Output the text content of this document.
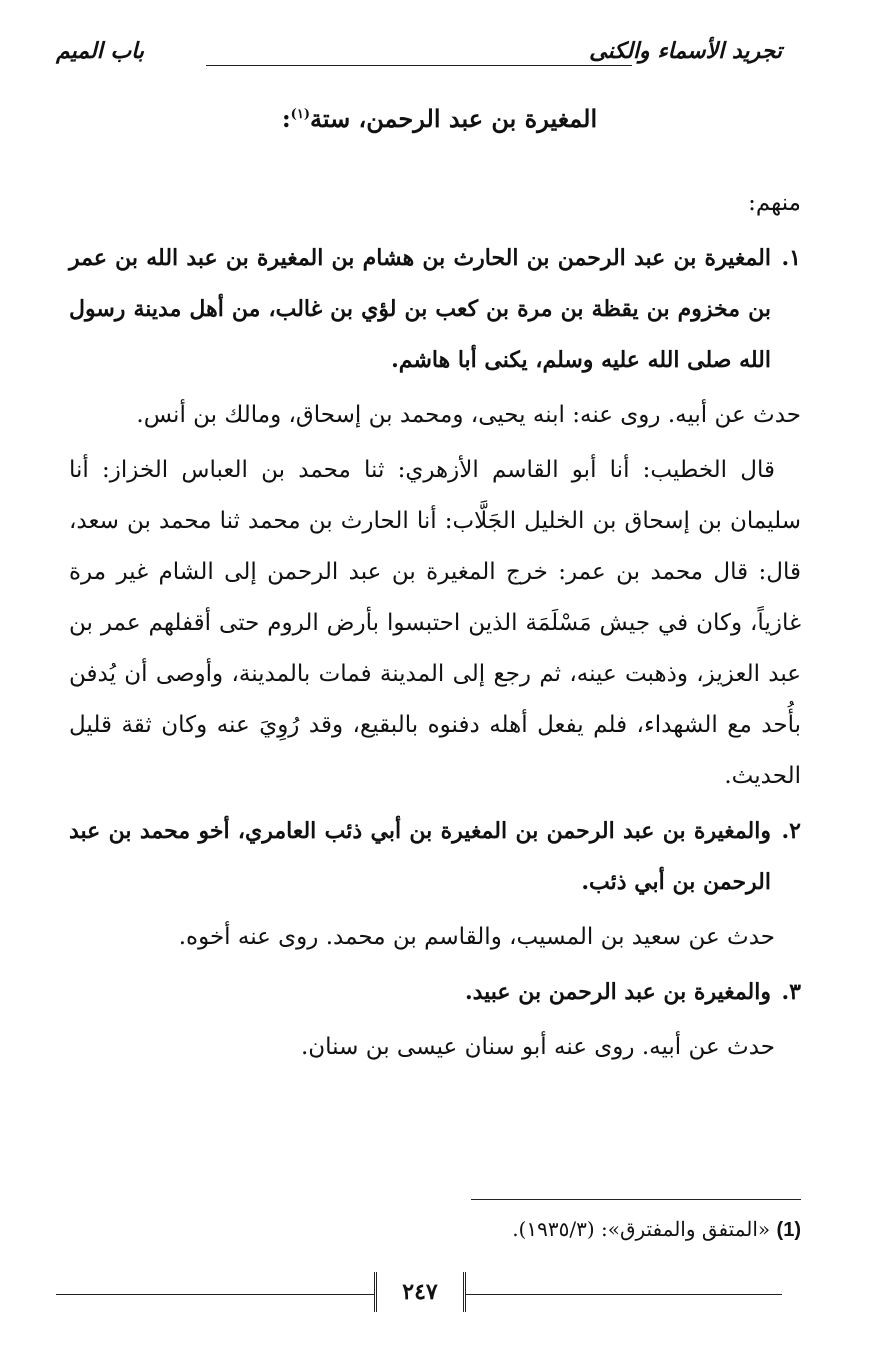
تجريد الأسماء والكنى
باب الميم
المغيرة بن عبد الرحمن، ستة$^{(١)}$:

منهم:

١.المغيرة بن عبد الرحمن بن الحارث بن هشام بن المغيرة بن عبد الله بن عمر بن مخزوم بن يقظة بن مرة بن كعب بن لؤي بن غالب، من أهل مدينة رسول الله صلى الله عليه وسلم، يكنى أبا هاشم.

حدث عن أبيه. روى عنه: ابنه يحيى، ومحمد بن إسحاق، ومالك بن أنس.

قال الخطيب: أنا أبو القاسم الأزهري: ثنا محمد بن العباس الخزاز: أنا سليمان بن إسحاق بن الخليل الجَلَّاب: أنا الحارث بن محمد ثنا محمد بن سعد، قال: قال محمد بن عمر: خرج المغيرة بن عبد الرحمن إلى الشام غير مرة غازياً، وكان في جيش مَسْلَمَة الذين احتبسوا بأرض الروم حتى أقفلهم عمر بن عبد العزيز، وذهبت عينه، ثم رجع إلى المدينة فمات بالمدينة، وأوصى أن يُدفن بأُحد مع الشهداء، فلم يفعل أهله دفنوه بالبقيع، وقد رُوِيَ عنه وكان ثقة قليل الحديث.

٢.والمغيرة بن عبد الرحمن بن المغيرة بن أبي ذئب العامري، أخو محمد بن عبد الرحمن بن أبي ذئب.

حدث عن سعيد بن المسيب، والقاسم بن محمد. روى عنه أخوه.

٣.والمغيرة بن عبد الرحمن بن عبيد.

حدث عن أبيه. روى عنه أبو سنان عيسى بن سنان.

(1) «المتفق والمفترق»: (١٩٣٥/٣).
٢٤٧
